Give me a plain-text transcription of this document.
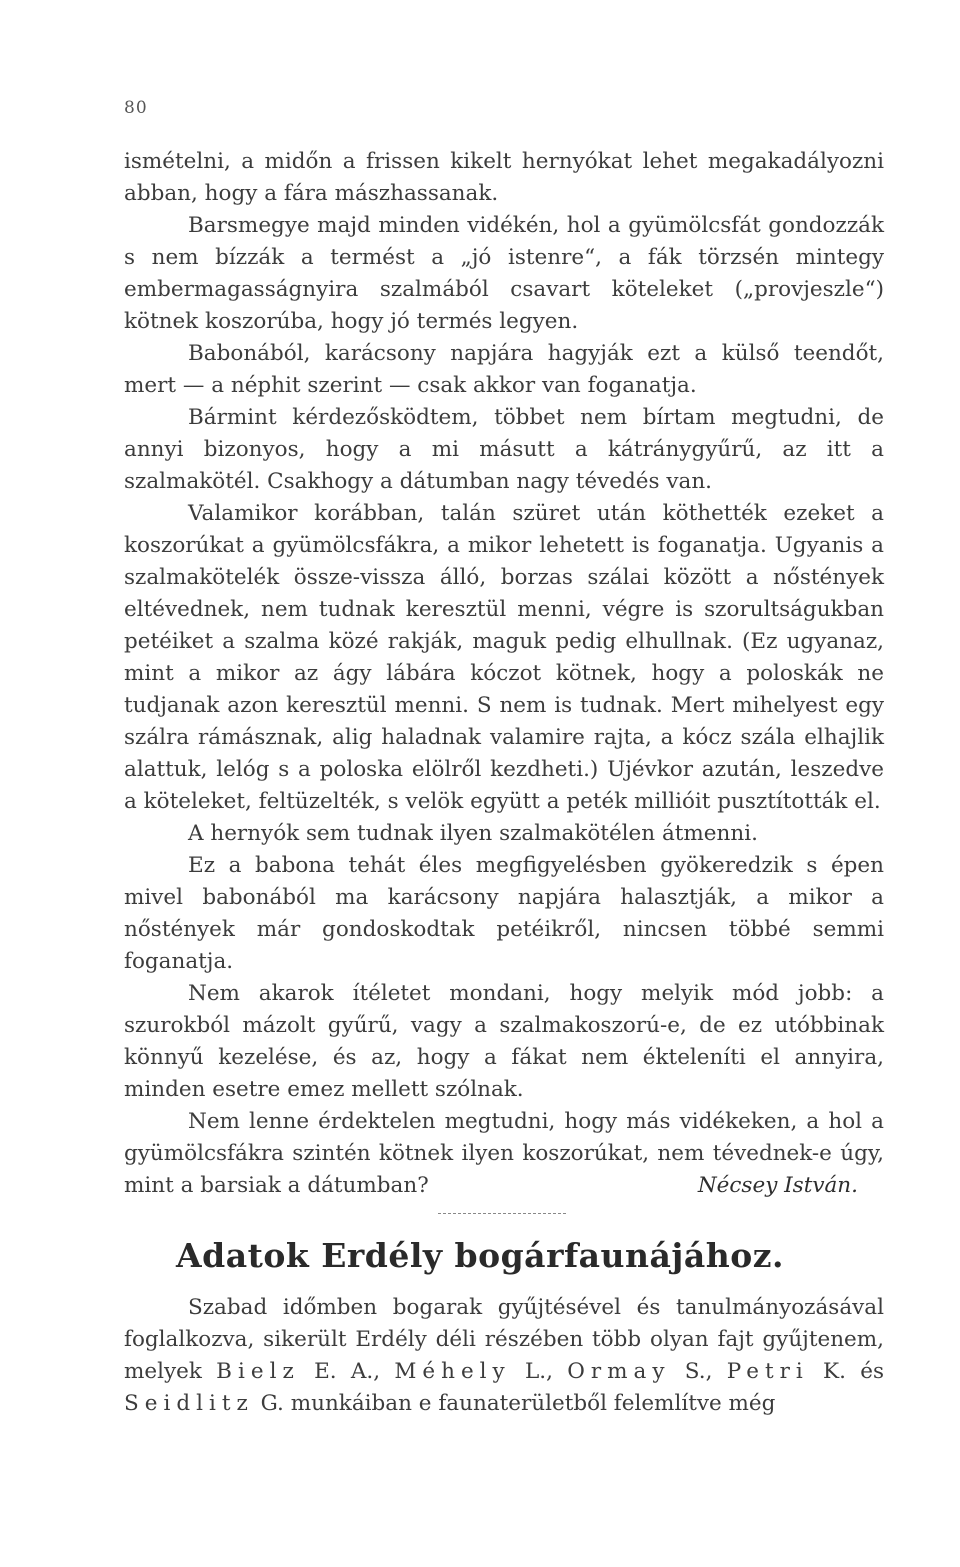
80

ismételni, a midőn a frissen kikelt hernyókat lehet megakadályozni abban, hogy a fára mászhassanak.

Barsmegye majd minden vidékén, hol a gyümölcsfát gondozzák s nem bízzák a termést a „jó istenre“, a fák törzsén mintegy embermagasságnyira szalmából csavart köteleket („provjeszle“) kötnek koszorúba, hogy jó termés legyen.

Babonából, karácsony napjára hagyják ezt a külső teendőt, mert — a néphit szerint — csak akkor van foganatja.

Bármint kérdezősködtem, többet nem bírtam megtudni, de annyi bizonyos, hogy a mi másutt a kátránygyűrű, az itt a szalmakötél. Csakhogy a dátumban nagy tévedés van.

Valamikor korábban, talán szüret után köthették ezeket a koszorúkat a gyümölcsfákra, a mikor lehetett is foganatja. Ugyanis a szalmakötelék össze-vissza álló, borzas szálai között a nőstények eltévednek, nem tudnak keresztül menni, végre is szorultságukban petéiket a szalma közé rakják, maguk pedig elhullnak. (Ez ugyanaz, mint a mikor az ágy lábára kóczot kötnek, hogy a poloskák ne tudjanak azon keresztül menni. S nem is tudnak. Mert mihelyest egy szálra rámásznak, alig haladnak valamire rajta, a kócz szála elhajlik alattuk, lelóg s a poloska elölről kezdheti.) Ujévkor azután, leszedve a köteleket, feltüzelték, s velök együtt a peték millióit pusztították el.

A hernyók sem tudnak ilyen szalmakötélen átmenni.

Ez a babona tehát éles megfigyelésben gyökeredzik s épen mivel babonából ma karácsony napjára halasztják, a mikor a nőstények már gondoskodtak petéikről, nincsen többé semmi foganatja.

Nem akarok ítéletet mondani, hogy melyik mód jobb: a szurokból mázolt gyűrű, vagy a szalmakoszorú-e, de ez utóbbinak könnyű kezelése, és az, hogy a fákat nem ékteleníti el annyira, minden esetre emez mellett szólnak.

Nem lenne érdektelen megtudni, hogy más vidékeken, a hol a gyümölcsfákra szintén kötnek ilyen koszorúkat, nem tévednek-e úgy, mint a barsiak a dátumban?	Nécsey István.

Adatok Erdély bogárfaunájához.

Szabad időmben bogarak gyűjtésével és tanulmányozásával foglalkozva, sikerült Erdély déli részében több olyan fajt gyűjtenem, melyek Bielz E. A., Méhely L., Ormay S., Petri K. és Seidlitz G. munkáiban e faunaterületből felemlítve még
